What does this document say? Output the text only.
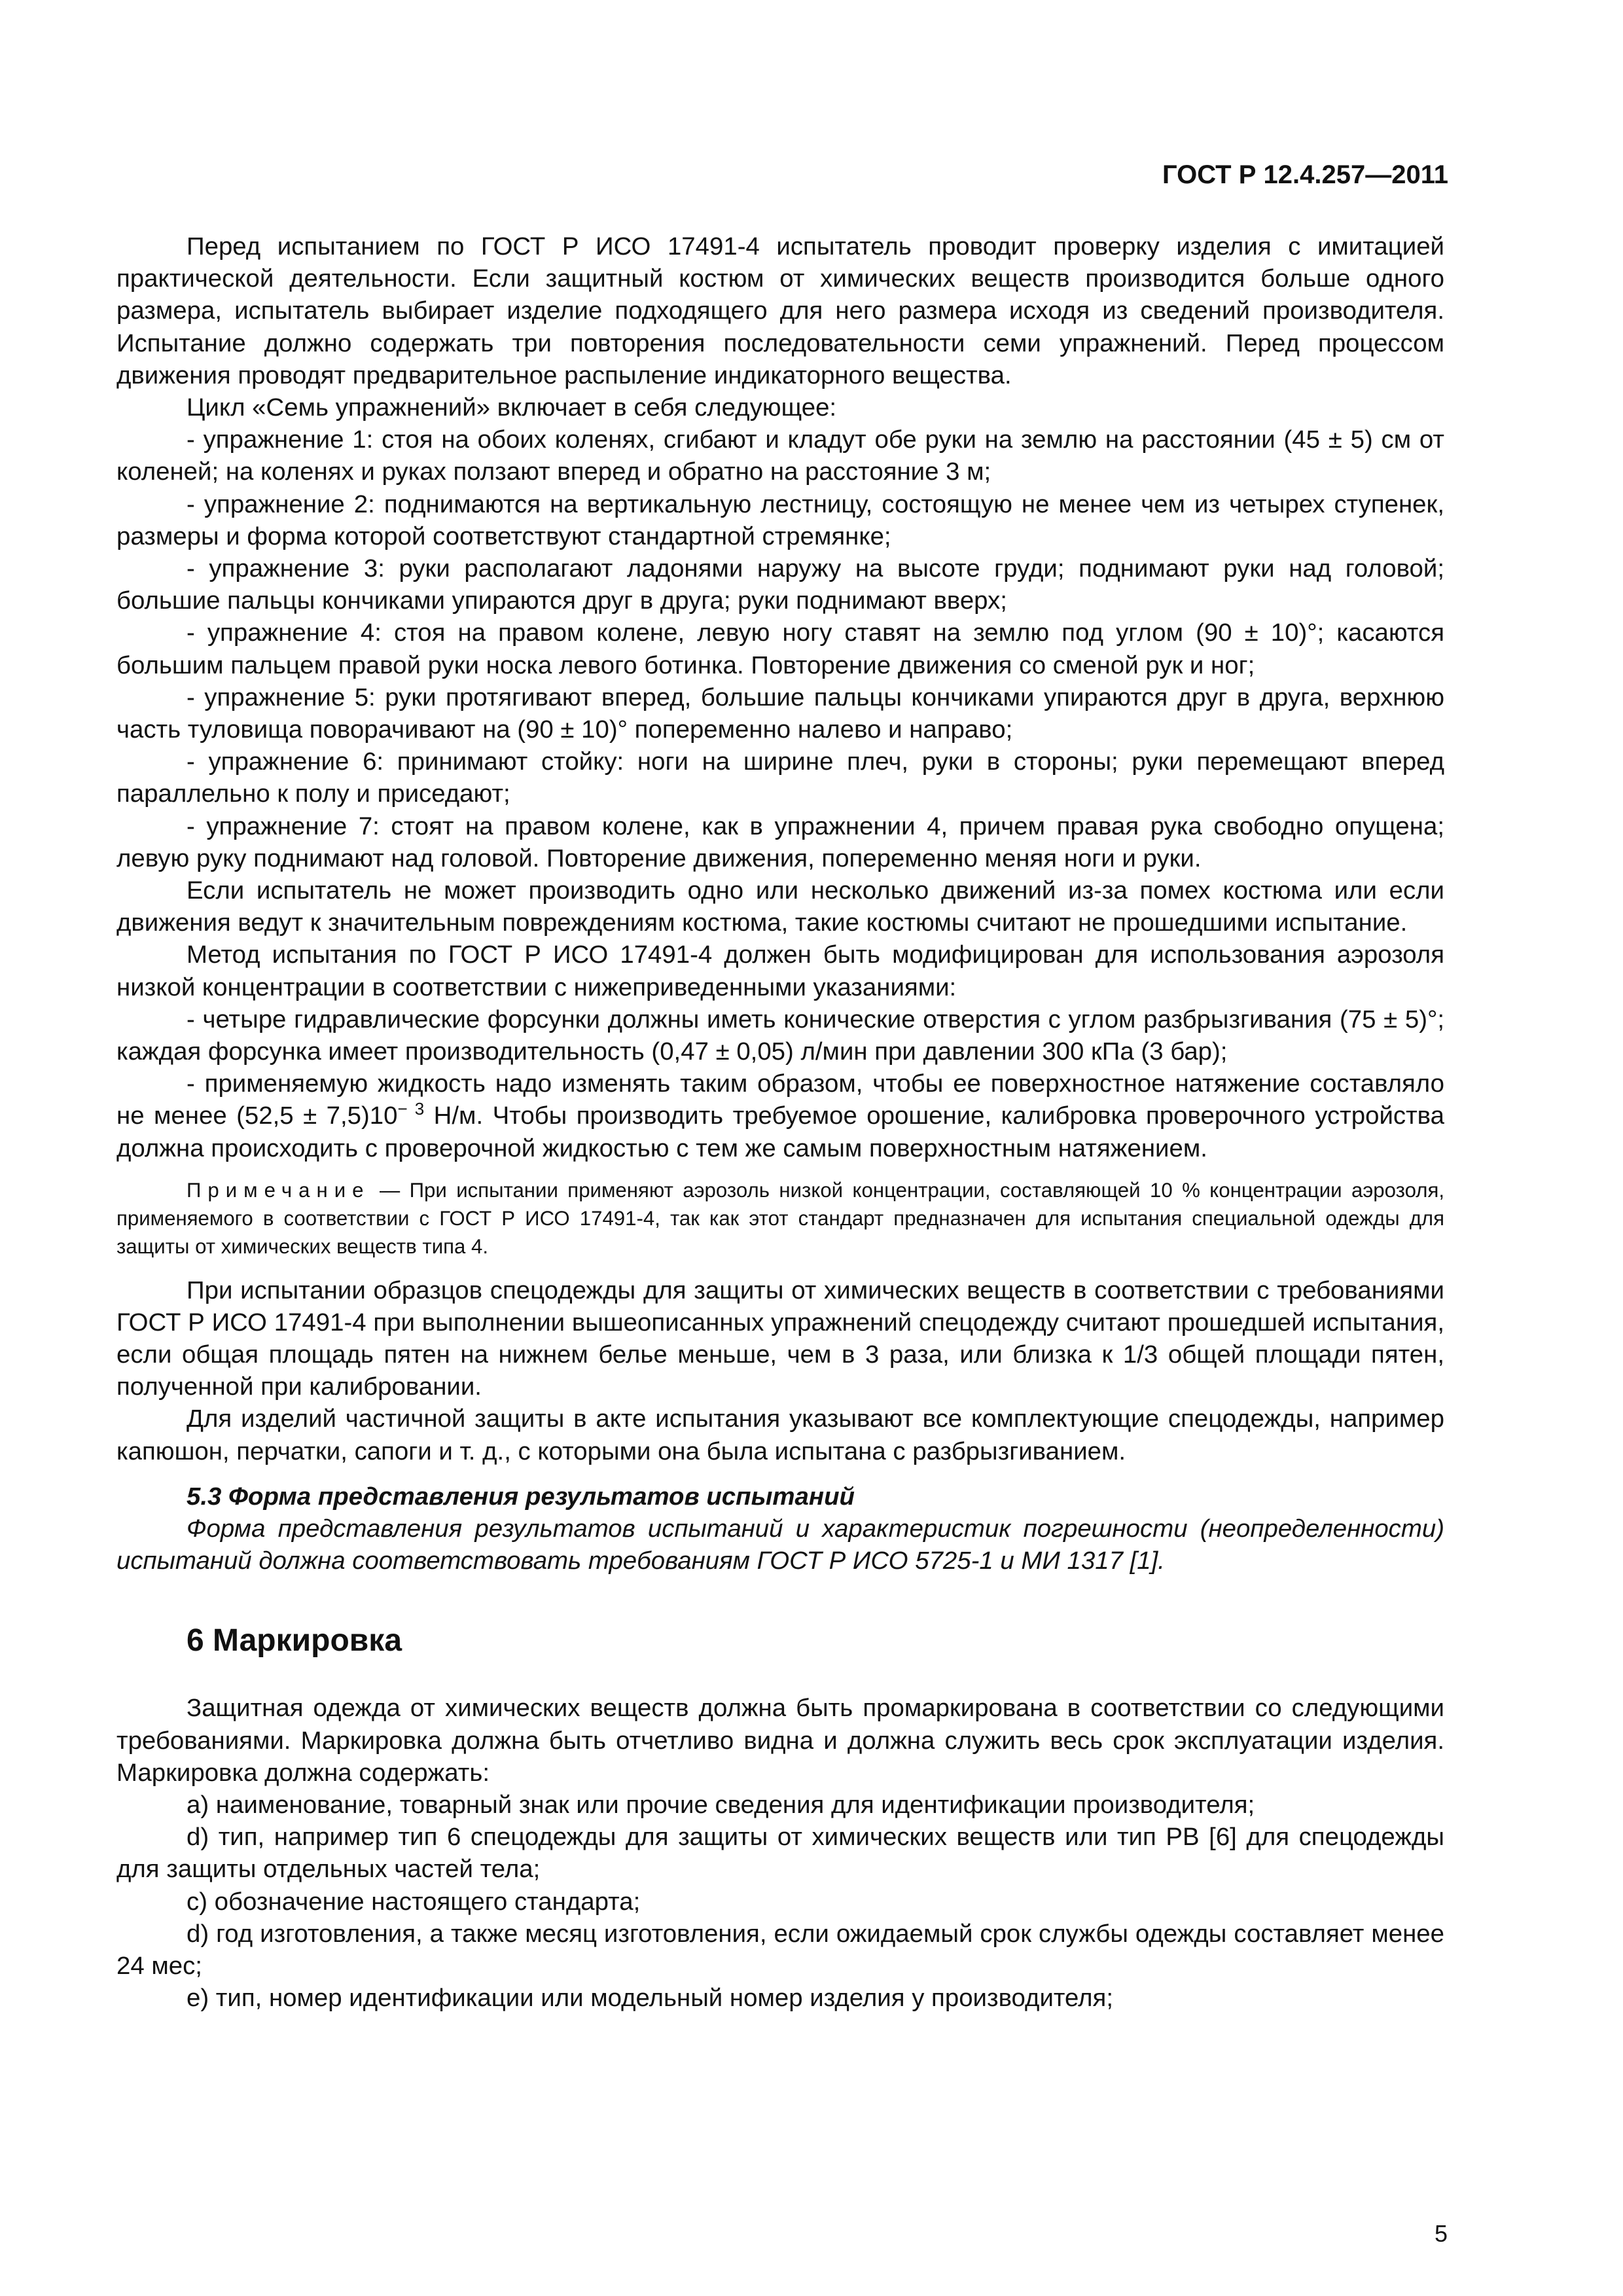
ГОСТ Р 12.4.257—2011

Перед испытанием по ГОСТ Р ИСО 17491-4 испытатель проводит проверку изделия с имитацией практической деятельности. Если защитный костюм от химических веществ производится больше одного размера, испытатель выбирает изделие подходящего для него размера исходя из сведений производителя. Испытание должно содержать три повторения последовательности семи упражнений. Перед процессом движения проводят предварительное распыление индикаторного вещества.

Цикл «Семь упражнений» включает в себя следующее:

- упражнение 1: стоя на обоих коленях, сгибают и кладут обе руки на землю на расстоянии (45 ± 5) см от коленей; на коленях и руках ползают вперед и обратно на расстояние 3 м;

- упражнение 2: поднимаются на вертикальную лестницу, состоящую не менее чем из четырех ступенек, размеры и форма которой соответствуют стандартной стремянке;

- упражнение 3: руки располагают ладонями наружу на высоте груди; поднимают руки над головой; большие пальцы кончиками упираются друг в друга; руки поднимают вверх;

- упражнение 4: стоя на правом колене, левую ногу ставят на землю под углом (90 ± 10)°; касаются большим пальцем правой руки носка левого ботинка. Повторение движения со сменой рук и ног;

- упражнение 5: руки протягивают вперед, большие пальцы кончиками упираются друг в друга, верхнюю часть туловища поворачивают на (90 ± 10)° попеременно налево и направо;

- упражнение 6: принимают стойку: ноги на ширине плеч, руки в стороны; руки перемещают вперед параллельно к полу и приседают;

- упражнение 7: стоят на правом колене, как в упражнении 4, причем правая рука свободно опущена; левую руку поднимают над головой. Повторение движения, попеременно меняя ноги и руки.

Если испытатель не может производить одно или несколько движений из-за помех костюма или если движения ведут к значительным повреждениям костюма, такие костюмы считают не прошедшими испытание.

Метод испытания по ГОСТ Р ИСО 17491-4 должен быть модифицирован для использования аэрозоля низкой концентрации в соответствии с нижеприведенными указаниями:

- четыре гидравлические форсунки должны иметь конические отверстия с углом разбрызгивания (75 ± 5)°; каждая форсунка имеет производительность (0,47 ± 0,05) л/мин при давлении 300 кПа (3 бар);

- применяемую жидкость надо изменять таким образом, чтобы ее поверхностное натяжение составляло не менее $(52,5 \pm 7,5)10^{- 3}$ Н/м. Чтобы производить требуемое орошение, калибровка проверочного устройства должна происходить с проверочной жидкостью с тем же самым поверхностным натяжением.

Примечание — При испытании применяют аэрозоль низкой концентрации, составляющей 10 % концентрации аэрозоля, применяемого в соответствии с ГОСТ Р ИСО 17491-4, так как этот стандарт предназначен для испытания специальной одежды для защиты от химических веществ типа 4.

При испытании образцов спецодежды для защиты от химических веществ в соответствии с требованиями ГОСТ Р ИСО 17491-4 при выполнении вышеописанных упражнений спецодежду считают прошедшей испытания, если общая площадь пятен на нижнем белье меньше, чем в 3 раза, или близка к 1/3 общей площади пятен, полученной при калибровании.

Для изделий частичной защиты в акте испытания указывают все комплектующие спецодежды, например капюшон, перчатки, сапоги и т. д., с которыми она была испытана с разбрызгиванием.

5.3 Форма представления результатов испытаний

Форма представления результатов испытаний и характеристик погрешности (неопределенности) испытаний должна соответствовать требованиям ГОСТ Р ИСО 5725-1 и МИ 1317 [1].

6 Маркировка

Защитная одежда от химических веществ должна быть промаркирована в соответствии со следующими требованиями. Маркировка должна быть отчетливо видна и должна служить весь срок эксплуатации изделия. Маркировка должна содержать:

a) наименование, товарный знак или прочие сведения для идентификации производителя;

d) тип, например тип 6 спецодежды для защиты от химических веществ или тип PB [6] для спецодежды для защиты отдельных частей тела;

c) обозначение настоящего стандарта;

d) год изготовления, а также месяц изготовления, если ожидаемый срок службы одежды составляет менее 24 мес;

e) тип, номер идентификации или модельный номер изделия у производителя;

5
